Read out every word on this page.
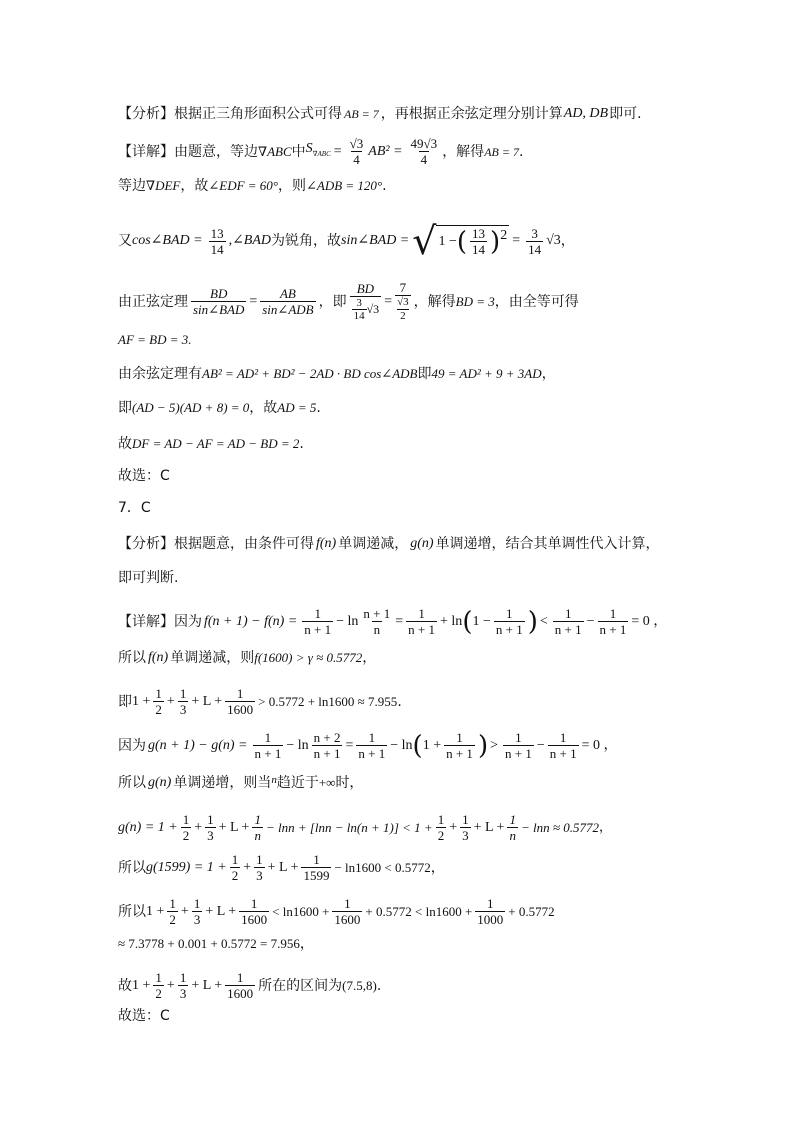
【分析】 根据正三角形面积公式可得 AB = 7 ，再根据正余弦定理分别计算 AD, DB 即可.
【详解】 由题意，等边 ∇ABC 中 $S_{\nabla ABC} = \frac{√3}{4} AB^2 = \frac{49√3}{4}$ ，解得 AB = 7 .
等边 ∇DEF ，故 ∠EDF = 60° ，则 ∠ADB = 120° .
又 cos∠BAD = $\frac{13}{14}$ ,∠BAD 为锐角，故 sin∠BAD = √ 1 − ( $\frac{13}{14}$ ) $2 = \frac{3}{14} √3$ ，
由正弦定理 $\frac{BD}{\text{sin∠BAD}} = \frac{AB}{\text{sin∠ADB}}$ ，即 $\frac{BD}{\frac{3}{14} √3} = 7$
√3
2 ，解得 BD = 3 ，由全等可得
AF = BD = 3.
由余弦定理有 AB² = AD² + BD² − 2AD · BD cos∠ADB 即 49 = AD² + 9 + 3AD ，
即 (AD − 5)(AD + 8) = 0 ，故 AD = 5 .
故 DF = AD − AF = AD − BD = 2 .
故选：C
7．C
【分析】 根据题意，由条件可得 f(n) 单调递减， g(n) 单调递增，结合其单调性代入计算，
即可判断.
【详解】 因为 $f(n + 1) - f(n) = \frac{1}{n + 1} - \ln \frac{n + 1}{n} = \frac{1}{n + 1} + \ln$ ( $1 - \frac{1}{n + 1}$ ) < $\frac{1}{n + 1} - \frac{1}{n + 1} = 0$ ，
所以 f(n) 单调递减，则 f(1600) > γ ≈ 0.5772 ，
即 $1 + \frac{1}{2} + \frac{1}{3} + L + \frac{1}{1600} > 0.5772 + \ln 1600 \approx 7.955$ .
因为 $g(n + 1) - g(n) = \frac{1}{n + 1} - \ln \frac{n + 2}{n + 1} = \frac{1}{n + 1} - \ln$ ( $1 + \frac{1}{n + 1}$ ) > $\frac{1}{n + 1} - \frac{1}{n + 1} = 0$ ，
所以 g(n) 单调递增，则当 n 趋近于 +∞ 时，
$g(n) = 1 + \frac{1}{2} + \frac{1}{3} + L + \frac{1}{n} - \ln n + [\ln n - \ln(n + 1)] < 1 + \frac{1}{2} + \frac{1}{3} + L + \frac{1}{n} - \ln n \approx 0.5772$ ，
所以 $g(1599) = 1 + \frac{1}{2} + \frac{1}{3} + L + \frac{1}{1599} - \ln 1600 < 0.5772$ ，
所以 $1 + \frac{1}{2} + \frac{1}{3} + L + \frac{1}{1600} < \ln 1600 + \frac{1}{1600} + 0.5772 < \ln 1600 + \frac{1}{1000} + 0.5772$
≈ 7.3778 + 0.001 + 0.5772 = 7.956 ，
故 $1 + \frac{1}{2} + \frac{1}{3} + L + \frac{1}{1600}$ 所在的区间为 (7.5,8) .
故选：C
